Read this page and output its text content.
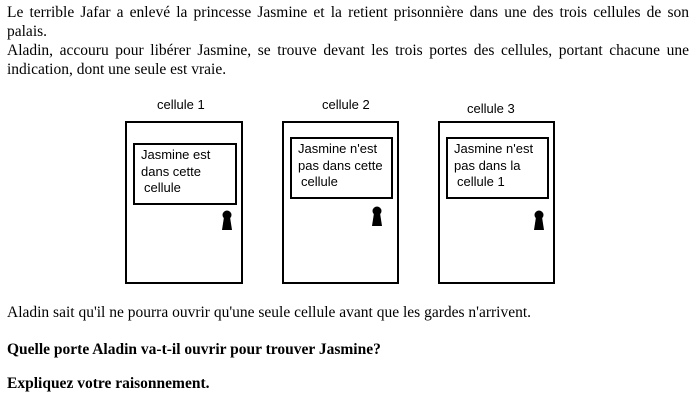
Le terrible Jafar a enlevé la princesse Jasmine et la retient prisonnière dans une des trois cellules de son palais.

Aladin, accouru pour libérer Jasmine, se trouve devant les trois portes des cellules, portant chacune une indication, dont une seule est vraie.

cellule 1
Jasmine est
dans cette
cellule
cellule 2
Jasmine n'est
pas dans cette
cellule
cellule 3
Jasmine n'est
pas dans la
cellule 1
Aladin sait qu'il ne pourra ouvrir qu'une seule cellule avant que les gardes n'arrivent.
Quelle porte Aladin va-t-il ouvrir pour trouver Jasmine?
Expliquez votre raisonnement.
